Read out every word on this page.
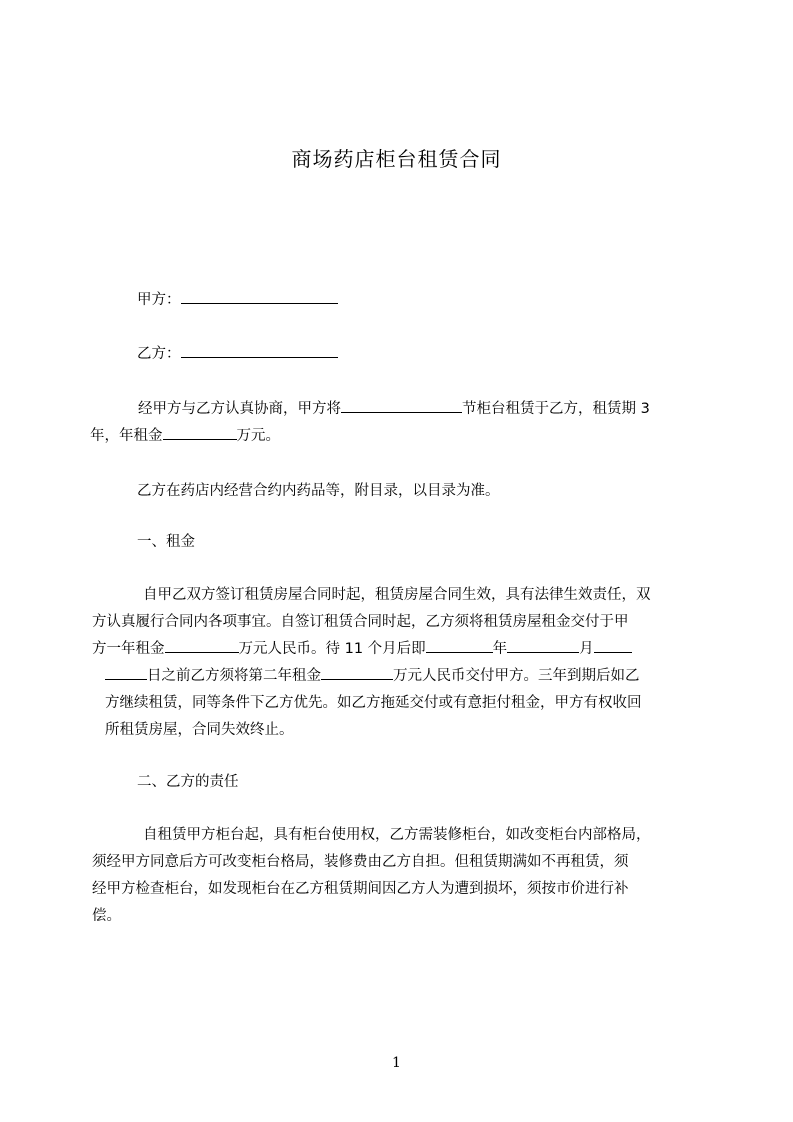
商场药店柜台租赁合同
甲方：
乙方：
经甲方与乙方认真协商，甲方将	节柜台租赁于乙方，租赁期 3
年，年租金	万元。
乙方在药店内经营合约内药品等，附目录，以目录为准。
一、租金
自甲乙双方签订租赁房屋合同时起，租赁房屋合同生效，具有法律生效责任，双
方认真履行合同内各项事宜。自签订租赁合同时起，乙方须将租赁房屋租金交付于甲
方一年租金	万元人民币。待 11 个月后即	年	月
日之前乙方须将第二年租金	万元人民币交付甲方。三年到期后如乙
方继续租赁，同等条件下乙方优先。如乙方拖延交付或有意拒付租金，甲方有权收回
所租赁房屋，合同失效终止。
二、乙方的责任
自租赁甲方柜台起，具有柜台使用权，乙方需装修柜台，如改变柜台内部格局，
须经甲方同意后方可改变柜台格局，装修费由乙方自担。但租赁期满如不再租赁，须
经甲方检查柜台，如发现柜台在乙方租赁期间因乙方人为遭到损坏，须按市价进行补
偿。
1
